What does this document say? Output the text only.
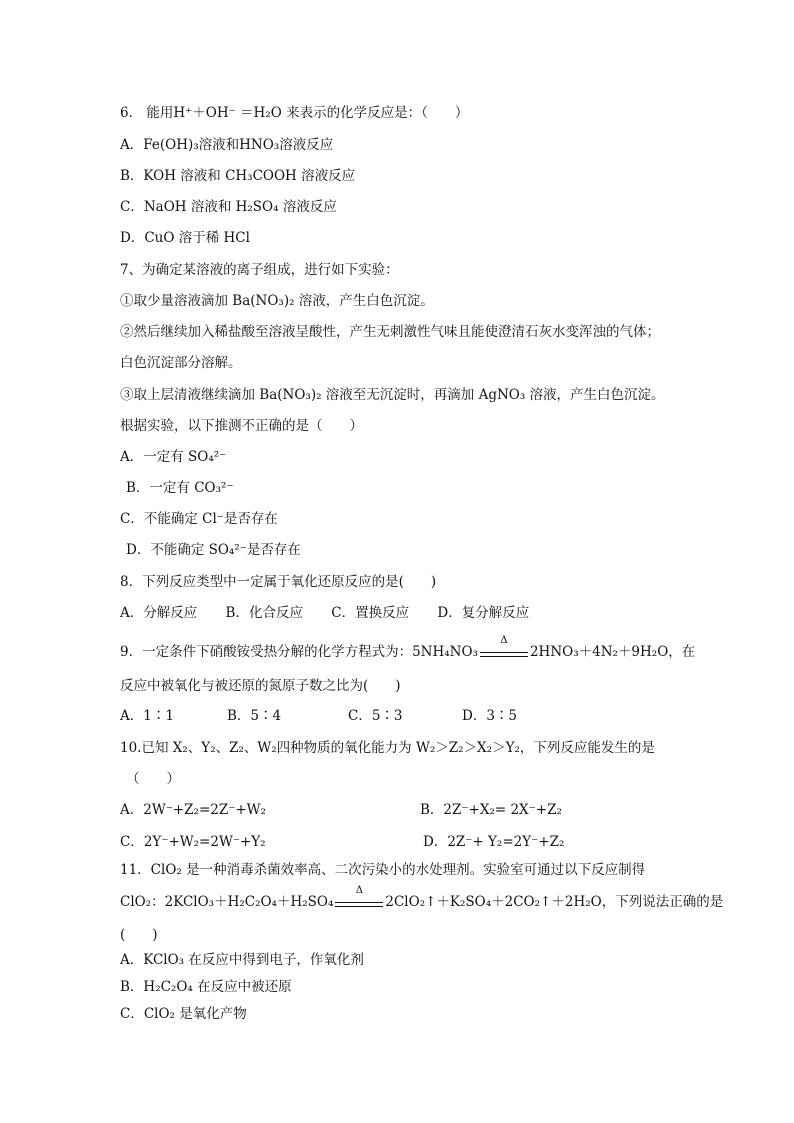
6． 能用H⁺＋OH⁻ ＝H₂O 来表示的化学反应是：（　　）
A．Fe(OH)₃溶液和HNO₃溶液反应
B．KOH 溶液和 CH₃COOH 溶液反应
C．NaOH 溶液和 H₂SO₄ 溶液反应
D．CuO 溶于稀 HCl
7、为确定某溶液的离子组成，进行如下实验：
①取少量溶液滴加 Ba(NO₃)₂ 溶液，产生白色沉淀。
②然后继续加入稀盐酸至溶液呈酸性，产生无刺激性气味且能使澄清石灰水变浑浊的气体；
白色沉淀部分溶解。
③取上层清液继续滴加 Ba(NO₃)₂ 溶液至无沉淀时，再滴加 AgNO₃ 溶液，产生白色沉淀。
根据实验，以下推测不正确的是（　　）
A．一定有 SO₄²⁻
B．一定有 CO₃²⁻
C．不能确定 Cl⁻是否存在
D．不能确定 SO₄²⁻是否存在
8．下列反应类型中一定属于氧化还原反应的是(　　)
A．分解反应 B．化合反应 C．置换反应 D．复分解反应
9．一定条件下硝酸铵受热分解的化学方程式为：5NH₄NO₃
Δ
2HNO₃＋4N₂＋9H₂O，在
反应中被氧化与被还原的氮原子数之比为(　　)
A．1∶1	B．5∶4	C．5∶3	D．3∶5
10.已知 X₂、Y₂、Z₂、W₂四种物质的氧化能力为 W₂＞Z₂＞X₂＞Y₂，下列反应能发生的是
（　　）
A．2W⁻+Z₂=2Z⁻+W₂	B．2Z⁻+X₂= 2X⁻+Z₂
C．2Y⁻+W₂=2W⁻+Y₂	D．2Z⁻+ Y₂=2Y⁻+Z₂
11．ClO₂ 是一种消毒杀菌效率高、二次污染小的水处理剂。实验室可通过以下反应制得
ClO₂：2KClO₃＋H₂C₂O₄＋H₂SO₄
Δ
2ClO₂↑＋K₂SO₄＋2CO₂↑＋2H₂O，下列说法正确的是
(　　)
A．KClO₃ 在反应中得到电子，作氧化剂
B．H₂C₂O₄ 在反应中被还原
C．ClO₂ 是氧化产物
